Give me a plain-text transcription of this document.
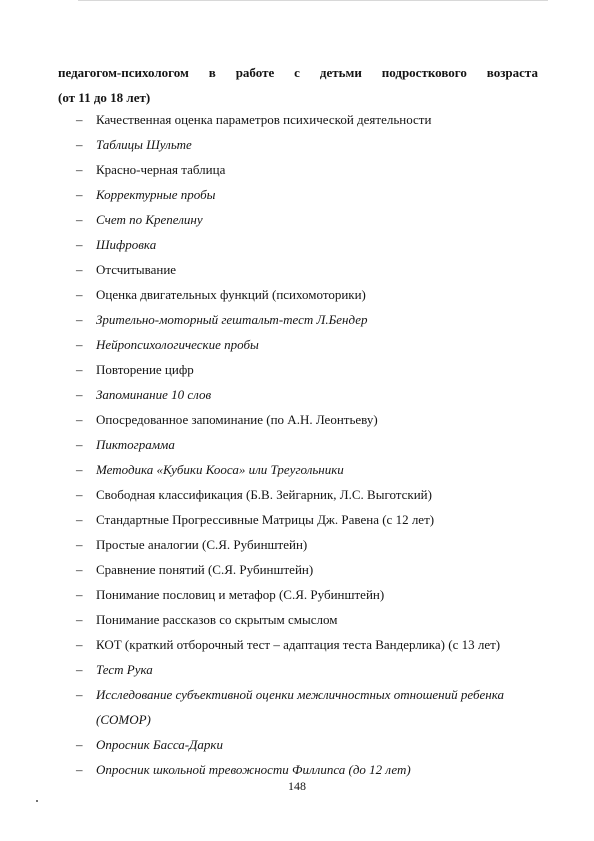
педагогом-психологом в работе с детьми подросткового возраста
(от 11 до 18 лет)
–	Качественная оценка параметров психической деятельности
–	Таблицы Шульте
–	Красно-черная таблица
–	Корректурные пробы
–	Счет по Крепелину
–	Шифровка
–	Отсчитывание
–	Оценка двигательных функций (психомоторики)
–	Зрительно-моторный гештальт-тест Л.Бендер
–	Нейропсихологические пробы
–	Повторение цифр
–	Запоминание 10 слов
–	Опосредованное запоминание (по А.Н. Леонтьеву)
–	Пиктограмма
–	Методика «Кубики Кооса» или Треугольники
–	Свободная классификация (Б.В. Зейгарник, Л.С. Выготский)
–	Стандартные Прогрессивные Матрицы Дж. Равена (с 12 лет)
–	Простые аналогии (С.Я. Рубинштейн)
–	Сравнение понятий (С.Я. Рубинштейн)
–	Понимание пословиц и метафор (С.Я. Рубинштейн)
–	Понимание рассказов со скрытым смыслом
–	КОТ (краткий отборочный тест – адаптация теста Вандерлика) (с 13 лет)
–	Тест Рука
–	Исследование субъективной оценки межличностных отношений ребенка (СОМОР)
–	Опросник Басса-Дарки
–	Опросник школьной тревожности Филлипса (до 12 лет)
148
